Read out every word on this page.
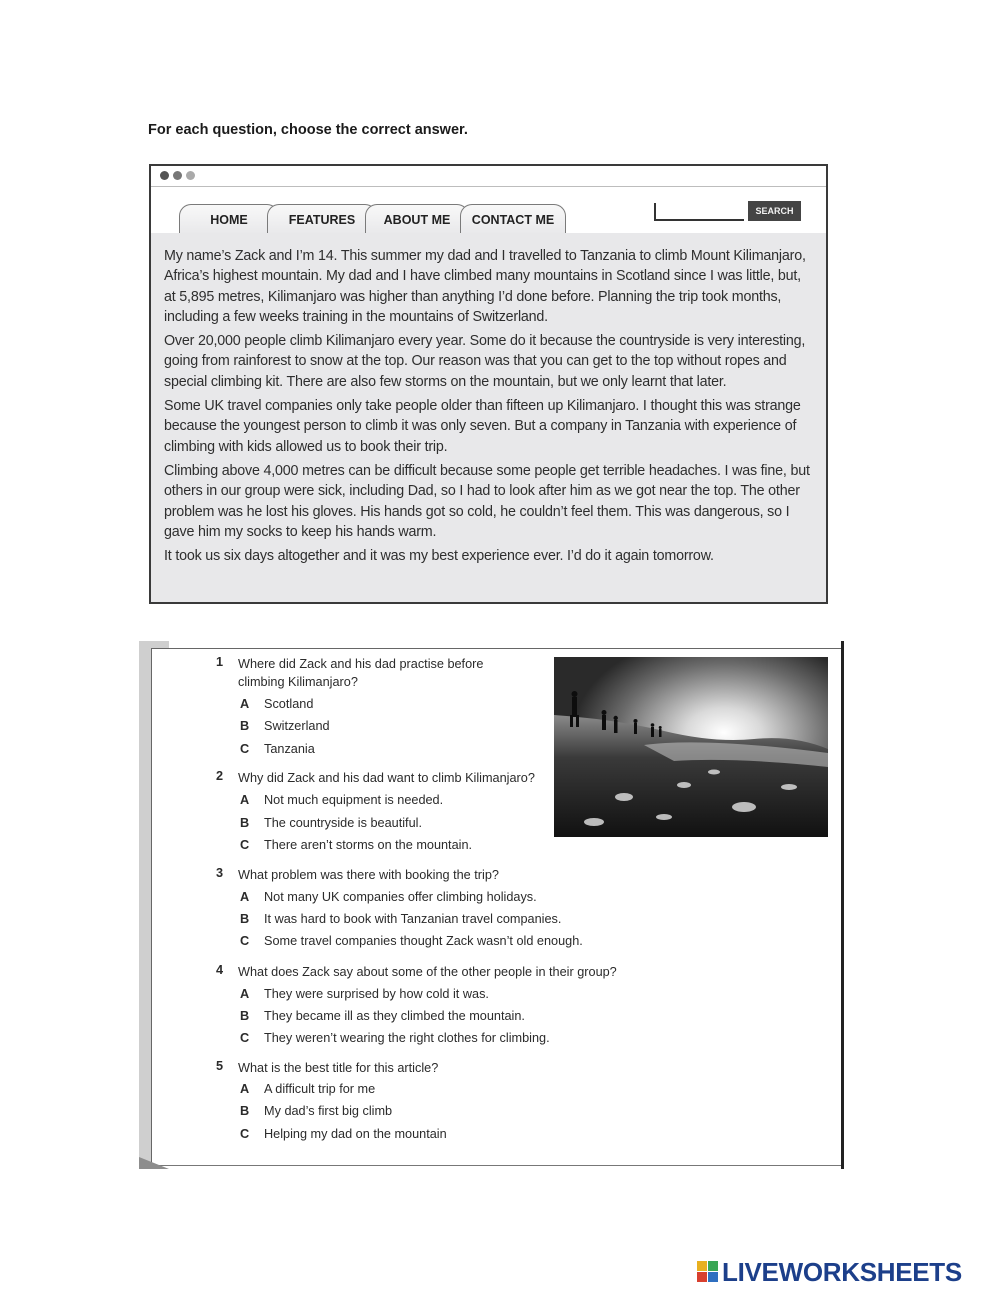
For each question, choose the correct answer.
HOME	FEATURES	ABOUT ME	CONTACT ME
SEARCH

My name’s Zack and I’m 14. This summer my dad and I travelled to Tanzania to climb Mount Kilimanjaro, Africa’s highest mountain. My dad and I have climbed many mountains in Scotland since I was little, but, at 5,895 metres, Kilimanjaro was higher than anything I’d done before. Planning the trip took months, including a few weeks training in the mountains of Switzerland.

Over 20,000 people climb Kilimanjaro every year. Some do it because the countryside is very interesting, going from rainforest to snow at the top. Our reason was that you can get to the top without ropes and special climbing kit. There are also few storms on the mountain, but we only learnt that later.

Some UK travel companies only take people older than fifteen up Kilimanjaro. I thought this was strange because the youngest person to climb it was only seven. But a company in Tanzania with experience of climbing with kids allowed us to book their trip.

Climbing above 4,000 metres can be difficult because some people get terrible headaches. I was fine, but others in our group were sick, including Dad, so I had to look after him as we got near the top. The other problem was he lost his gloves. His hands got so cold, he couldn’t feel them. This was dangerous, so I gave him my socks to keep his hands warm.

It took us six days altogether and it was my best experience ever. I’d do it again tomorrow.

1 Where did Zack and his dad practise before
climbing Kilimanjaro?
A Scotland
B Switzerland
C Tanzania
2 Why did Zack and his dad want to climb Kilimanjaro?
A Not much equipment is needed.
B The countryside is beautiful.
C There aren’t storms on the mountain.
3 What problem was there with booking the trip?
A Not many UK companies offer climbing holidays.
B It was hard to book with Tanzanian travel companies.
C Some travel companies thought Zack wasn’t old enough.
4 What does Zack say about some of the other people in their group?
A They were surprised by how cold it was.
B They became ill as they climbed the mountain.
C They weren’t wearing the right clothes for climbing.
5 What is the best title for this article?
A A difficult trip for me
B My dad’s first big climb
C Helping my dad on the mountain
LIVEWORKSHEETS
